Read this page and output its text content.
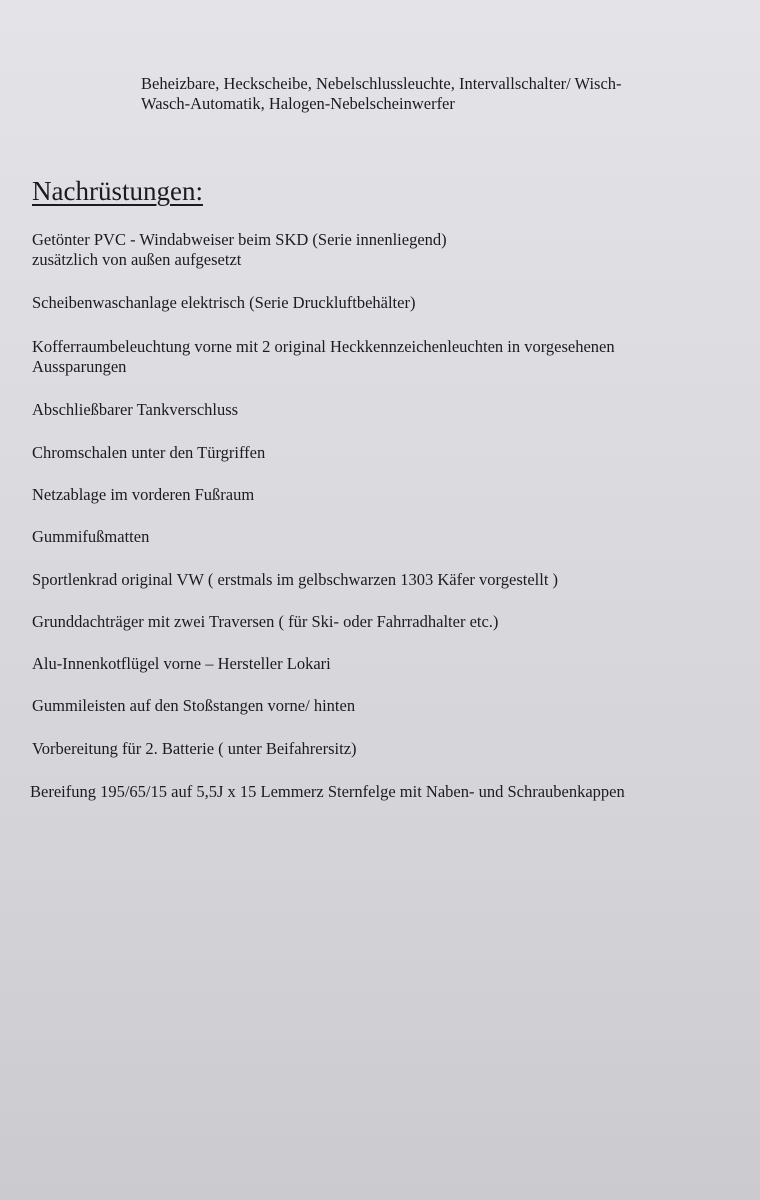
Beheizbare, Heckscheibe, Nebelschlussleuchte, Intervallschalter/ Wisch-
Wasch-Automatik, Halogen-Nebelscheinwerfer
Nachrüstungen:
Getönter PVC - Windabweiser beim SKD (Serie innenliegend)
zusätzlich von außen aufgesetzt
Scheibenwaschanlage elektrisch (Serie Druckluftbehälter)
Kofferraumbeleuchtung vorne mit 2 original Heckkennzeichenleuchten in vorgesehenen
Aussparungen
Abschließbarer Tankverschluss
Chromschalen unter den Türgriffen
Netzablage im vorderen Fußraum
Gummifußmatten
Sportlenkrad original VW ( erstmals im gelbschwarzen 1303 Käfer vorgestellt )
Grunddachträger mit zwei Traversen ( für Ski- oder Fahrradhalter etc.)
Alu-Innenkotflügel vorne – Hersteller Lokari
Gummileisten auf den Stoßstangen vorne/ hinten
Vorbereitung für 2. Batterie ( unter Beifahrersitz)
Bereifung 195/65/15 auf 5,5J x 15 Lemmerz Sternfelge mit Naben- und Schraubenkappen
